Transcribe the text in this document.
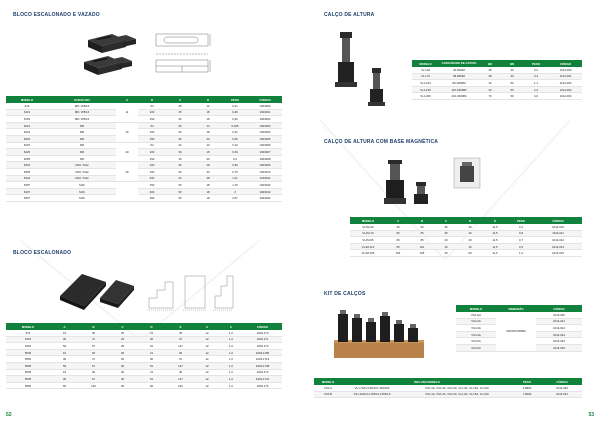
BLOCO ESCALONADO E VAZADO
MODELO	PARAFUSO	A	B	C	D	PESO	CÓDIGO
613	M8 / W5/16	11	64	25	12	0,21	1003000
6113	M8 / W5/16		100	25	18	0,28	1003001
6153	M8 / W5/16		150	25	18	0,46	1003002
6214	M8	16	64	25	13	0,185	1003003
6224	M8		100	30	18	0,31	1003004
6254	M8		150	30	20	0,56	1003005
6215	M8	20	64	32	13	0,19	1003006
6225	M8		100	30	18	0,39	1003007
6255	M8		150	30	20	0,6	1003008
6315	M10 / M12	25	100	30	18	0,39	1003009
6355	M10 / M12		150	30	20	0,75	1003010
6322	M10 / M12		200	44	28	1,41	1003011
6457	M16		150	50	18	1,15	1003043
6437	M16		200	50	18	2	1003013
6457	M16		250	50	18	2,67	1003044
BLOCO ESCALONADO
MODELO	A	B	C	D	E	A	b	CÓDIGO
514	19	30	25	21	45	12	1,0	1003-170
5154	30	47	25	30	70	12	1,0	1003-171
5154	59	67	25	51	147	12	1,0	1003-170
5545	19	30	25	21	45	12	1,0	1003-1155
5565	30	47	30	30	70	12	1,0	1003-1719
5565	59	67	30	51	147	12	1,0	1003-1738
5538	19	30	30	21	45	12	1,0	1003-170
5535	30	67	30	51	147	12	1,0	1003-1741
5566	65	146	30	66	210	12	1,0	1003-176
52
CALÇO DE ALTURA
MODELO	CAPACIDADE DE AJUSTE	BD	BN	PESO	CÓDIGO
VLJ-40	40-60MM	38	30	0,2	1014-000
VLJ-70	68-95MM	38	30	0,4	1014-001
VLJ-100	80-130MM	33	50	1,1	1014-002
VLJ-150	110-180MM	33	50	2,3	1014-003
VLJ-200	210-330MM	70	50	4,6	1014-004
CALÇO DE ALTURA COM BASE MAGNÉTICA
MODELO	A	B	C	D	K	PESO	CÓDIGO
VLJM-40	40	50	36	40	11,5	0,4	1014-010
VLJM-70	50	65	35	40	11,5	0,8	1014-011
VLJM-95	66	85	40	40	11,5	0,7	1014-012
VLJM-110	65	110	40	40	11,5	0,9	1014-013
VLJM-165	115	165	45	60	11,5	1,4	1014-015
KIT DE CALÇOS
MODELO	DIMENSÃO	CÓDIGO
VSJ-HA	60X25X145MM	1014-020
VSJ-2A		1014-021
VSJ-3A		1014-022
VSJ-4A		1014-023
VSJ-5A		1014-024
VSJ-6A		1014-025
MODELO	INCLUSO MODELO		PESO	CÓDIGO
VSJ-A	VLJ-70/LVJ-95/LVJ-135/150	VSJ-1A, VSJ-2A, VSJ-3A, VLJ-4A, VLJ-5A, VLJ-6A	4,8900	1014-030
VSJ-B	VSJ-100/LVJ-155/LVJ-255/LS	VSJ-1A, VSJ-2A, VSJ-3A, VLJ-4A, VLJ-5A, VLJ-6A	7,9000	1014-031
53
